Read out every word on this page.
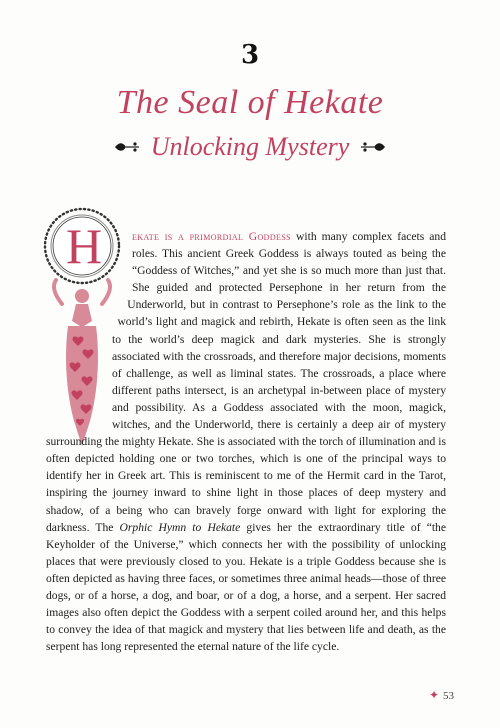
3
The Seal of Hekate
Unlocking Mystery
H	ekate is a primordial Goddess with many complex facets and roles. This ancient Greek Goddess is always touted as being the “Goddess of Witches,” and yet she is so much more than just that. She guided and protected Persephone in her return from the Underworld, but in contrast to Persephone’s role as the link to the world’s light and magick and rebirth, Hekate is often seen as the link to the world’s deep magick and dark mysteries. She is strongly associated with the crossroads, and therefore major decisions, moments of challenge, as well as liminal states. The crossroads, a place where different paths intersect, is an archetypal in-between place of mystery and possibility. As a Goddess associated with the moon, magick, witches, and the Underworld, there is certainly a deep air of mystery surrounding the mighty Hekate. She is associated with the torch of illumination and is often depicted holding one or two torches, which is one of the principal ways to identify her in Greek art. This is reminiscent to me of the Hermit card in the Tarot, inspiring the journey inward to shine light in those places of deep mystery and shadow, of a being who can bravely forge onward with light for exploring the darkness. The Orphic Hymn to Hekate gives her the extraordinary title of “the Keyholder of the Universe,” which connects her with the possibility of unlocking places that were previously closed to you. Hekate is a triple Goddess because she is often depicted as having three faces, or sometimes three animal heads—those of three dogs, or of a horse, a dog, and boar, or of a dog, a horse, and a serpent. Her sacred images also often depict the Goddess with a serpent coiled around her, and this helps to convey the idea of that magick and mystery that lies between life and death, as the serpent has long represented the eternal nature of the life cycle.
✦ 53
